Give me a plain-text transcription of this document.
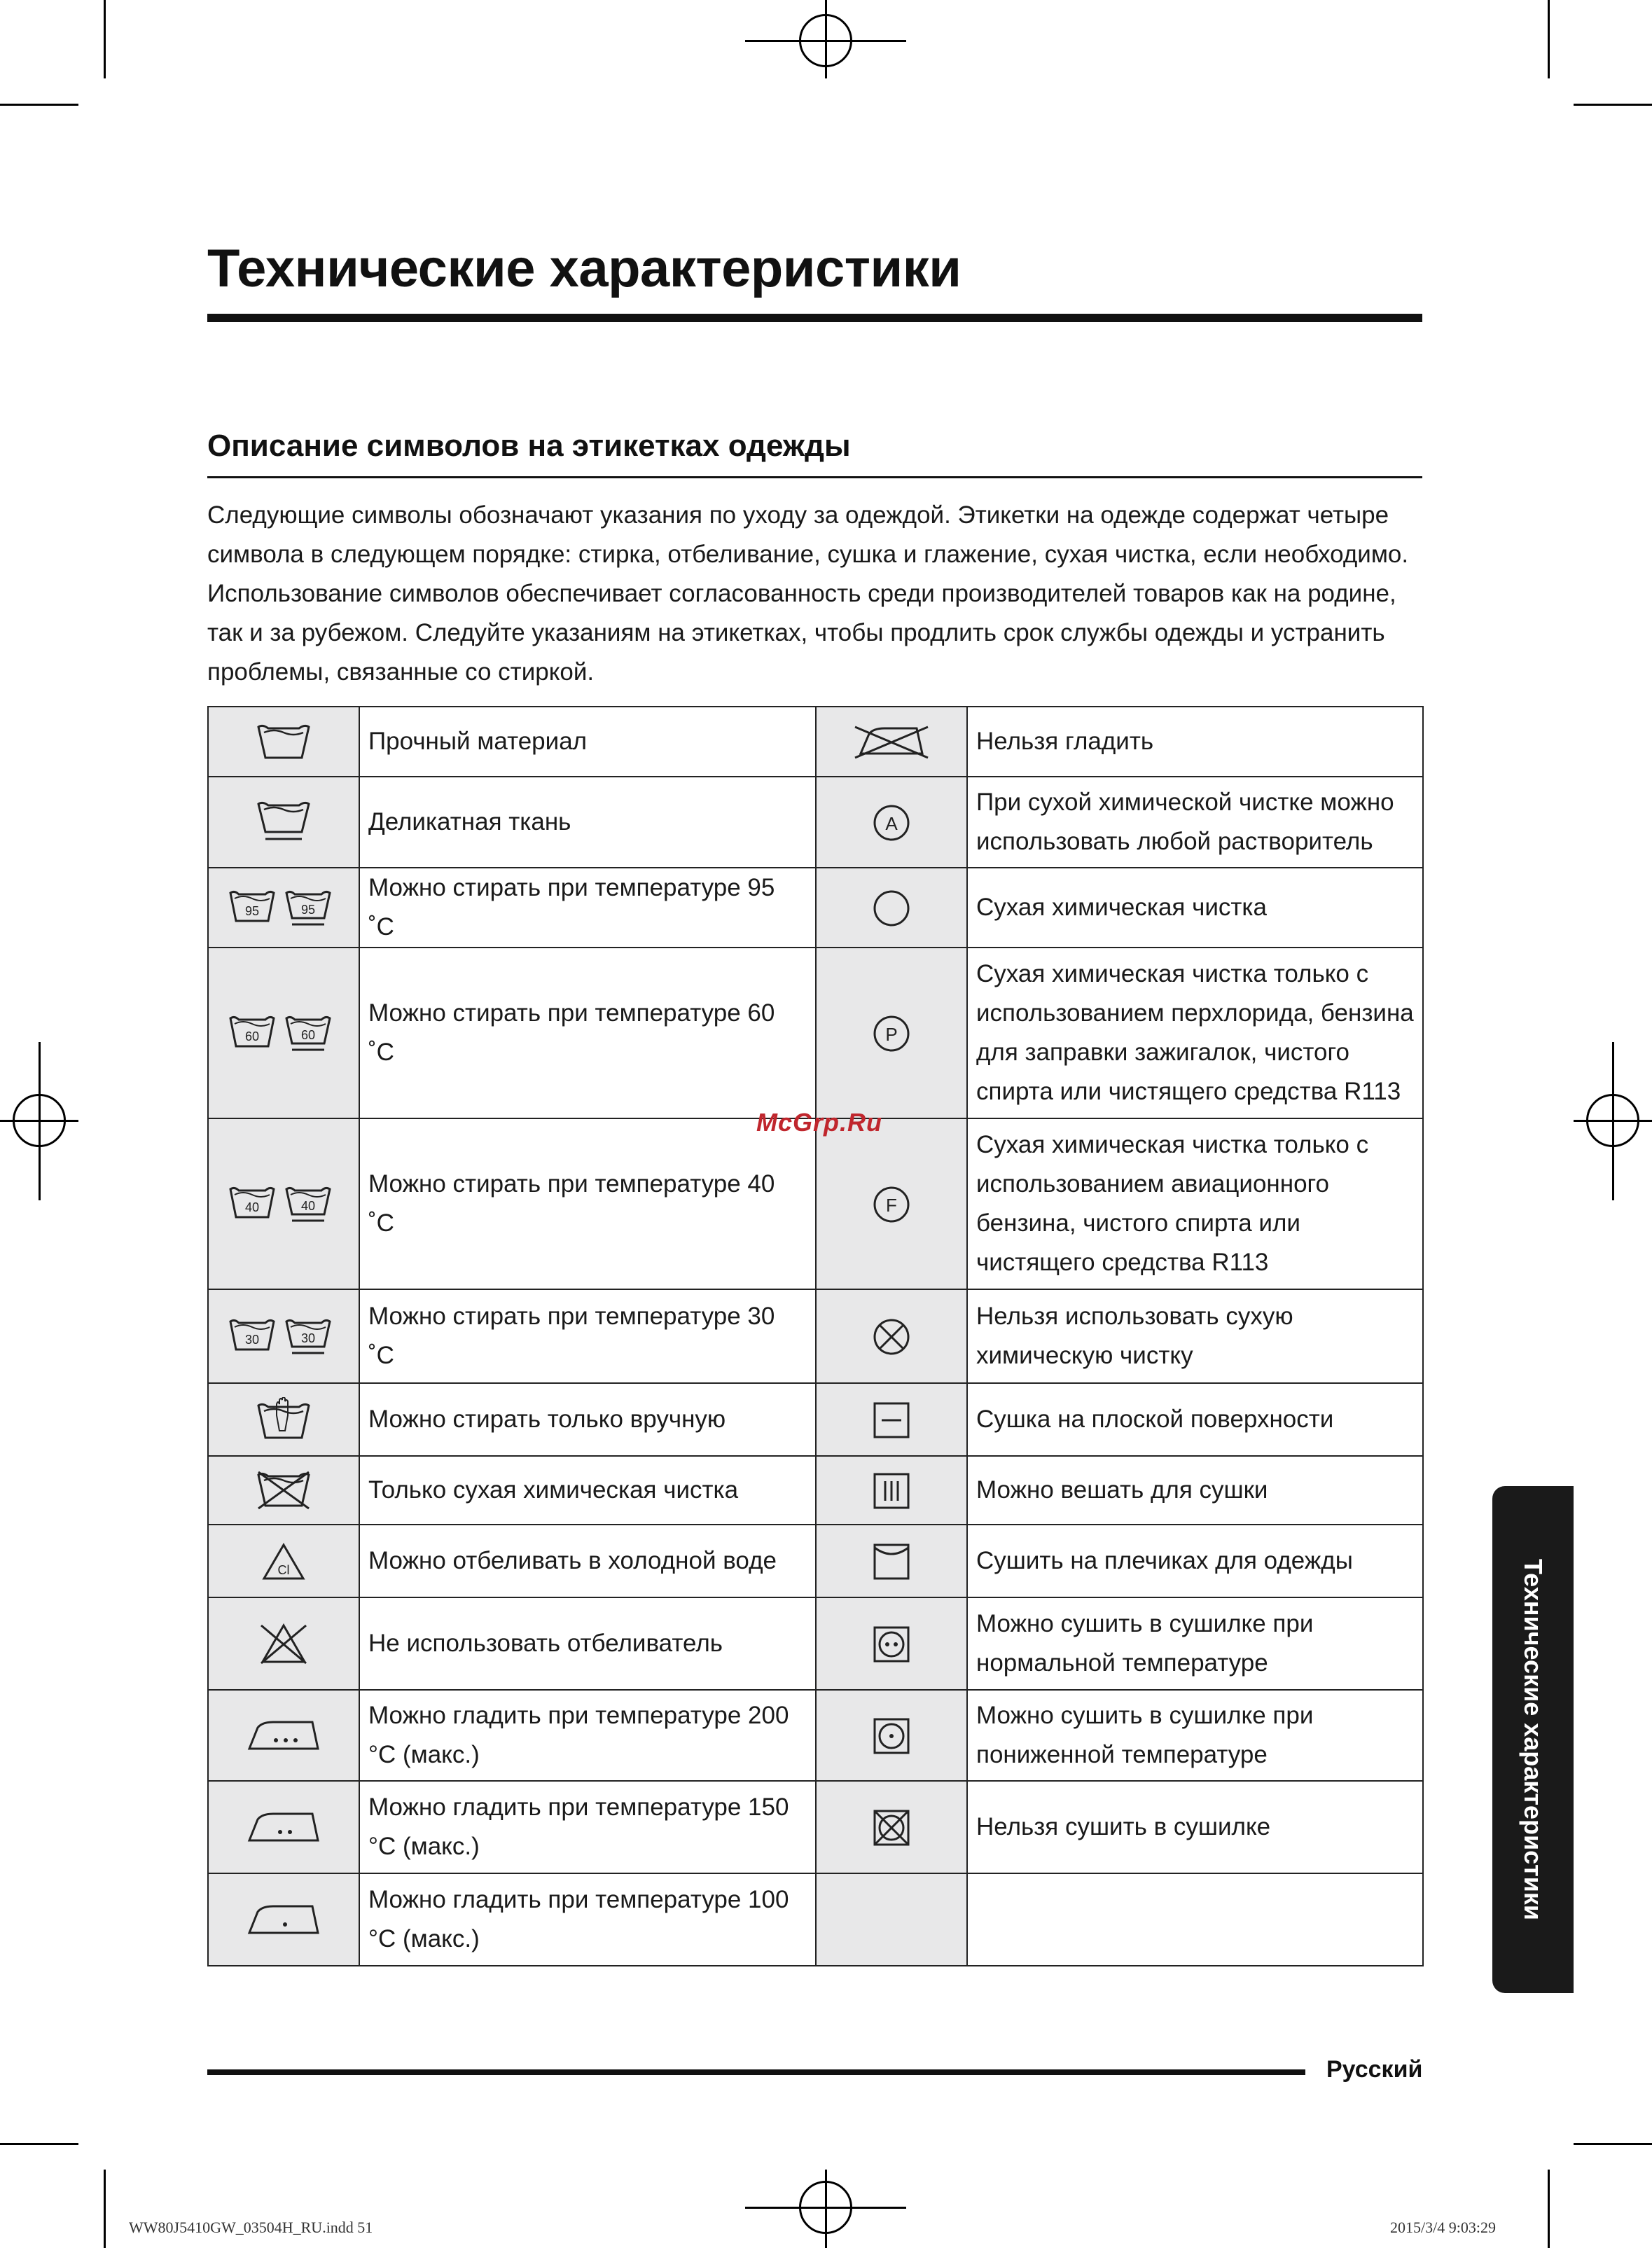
Технические характеристики
Описание символов на этикетках одежды
Следующие символы обозначают указания по уходу за одеждой. Этикетки на одежде содержат четыре символа в следующем порядке: стирка, отбеливание, сушка и глажение, сухая чистка, если необходимо. Использование символов обеспечивает согласованность среди производителей товаров как на родине, так и за рубежом. Следуйте указаниям на этикетках, чтобы продлить срок службы одежды и устранить проблемы, связанные со стиркой.
	Прочный материал		Нельзя гладить
	Деликатная ткань	A	При сухой химической чистке можно использовать любой растворитель

95 95	Можно стирать при температуре 95 ˚C		Сухая химическая чистка

60 60	Можно стирать при температуре 60 ˚C	P	Сухая химическая чистка только с использованием перхлорида, бензина для заправки зажигалок, чистого спирта или чистящего средства R113

40 40	Можно стирать при температуре 40 ˚C	F	Сухая химическая чистка только с использованием авиационного бензина, чистого спирта или чистящего средства R113

30 30	Можно стирать при температуре 30 ˚C		Нельзя использовать сухую химическую чистку
	Можно стирать только вручную		Сушка на плоской поверхности
	Только сухая химическая чистка		Можно вешать для сушки

Cl	Можно отбеливать в холодной воде		Сушить на плечиках для одежды
	Не использовать отбеливатель		Можно сушить в сушилке при нормальной температуре
	Можно гладить при температуре 200 °C (макс.)		Можно сушить в сушилке при пониженной температуре
	Можно гладить при температуре 150 °C (макс.)		Нельзя сушить в сушилке
	Можно гладить при температуре 100 °C (макс.)		
McGrp.Ru
Технические характеристики
Русский
WW80J5410GW_03504H_RU.indd 51	2015/3/4 9:03:29
